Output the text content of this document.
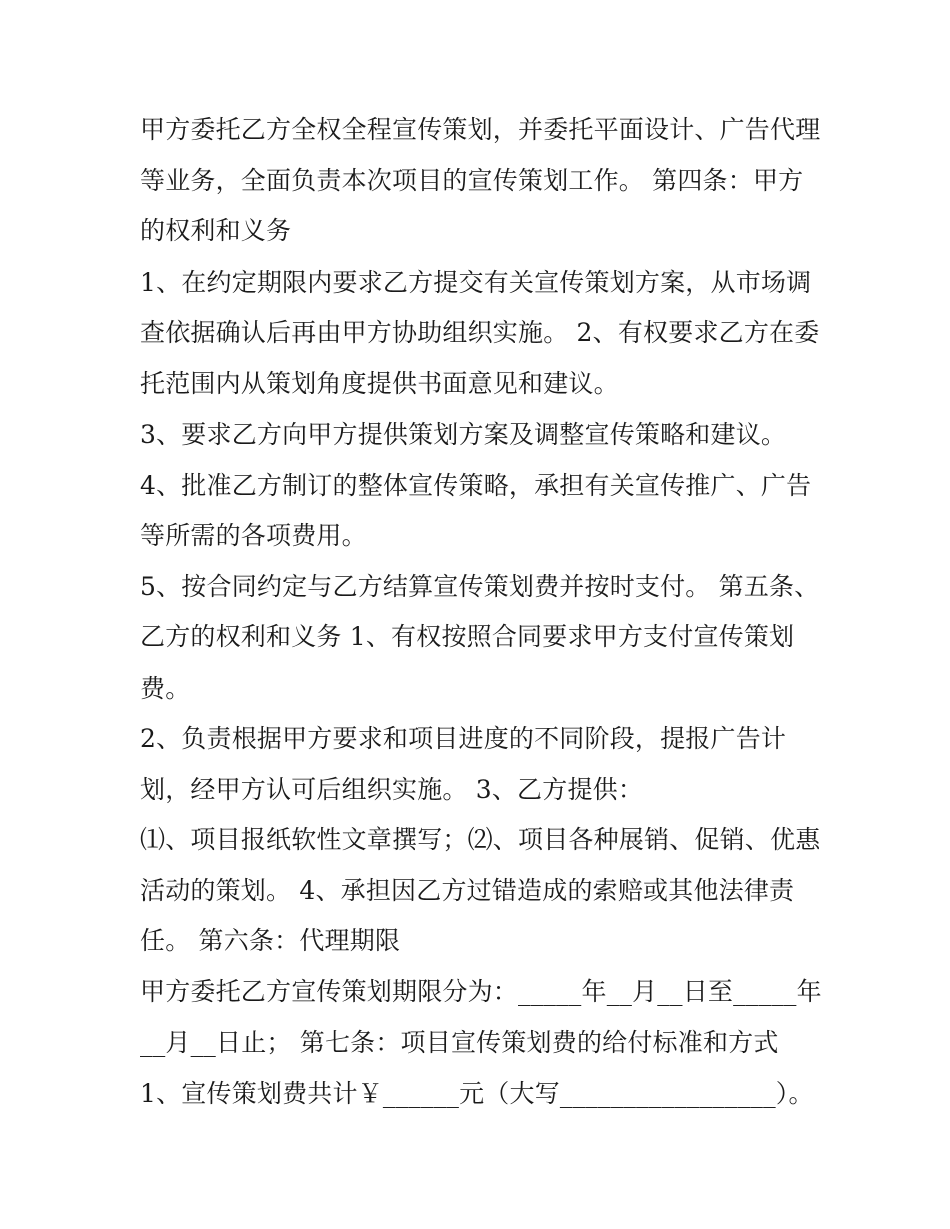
甲方委托乙方全权全程宣传策划，并委托平面设计、广告代理
等业务，全面负责本次项目的宣传策划工作。 第四条：甲方
的权利和义务
1、在约定期限内要求乙方提交有关宣传策划方案，从市场调
查依据确认后再由甲方协助组织实施。 2、有权要求乙方在委
托范围内从策划角度提供书面意见和建议。
3、要求乙方向甲方提供策划方案及调整宣传策略和建议。
4、批准乙方制订的整体宣传策略，承担有关宣传推广、广告
等所需的各项费用。
5、按合同约定与乙方结算宣传策划费并按时支付。 第五条、
乙方的权利和义务 1、有权按照合同要求甲方支付宣传策划
费。
2、负责根据甲方要求和项目进度的不同阶段，提报广告计
划，经甲方认可后组织实施。 3、乙方提供：
⑴、项目报纸软性文章撰写；⑵、项目各种展销、促销、优惠
活动的策划。 4、承担因乙方过错造成的索赔或其他法律责
任。 第六条：代理期限
甲方委托乙方宣传策划期限分为：_____年__月__日至_____年
__月__日止； 第七条：项目宣传策划费的给付标准和方式
1、宣传策划费共计￥______元（大写_________________）。
